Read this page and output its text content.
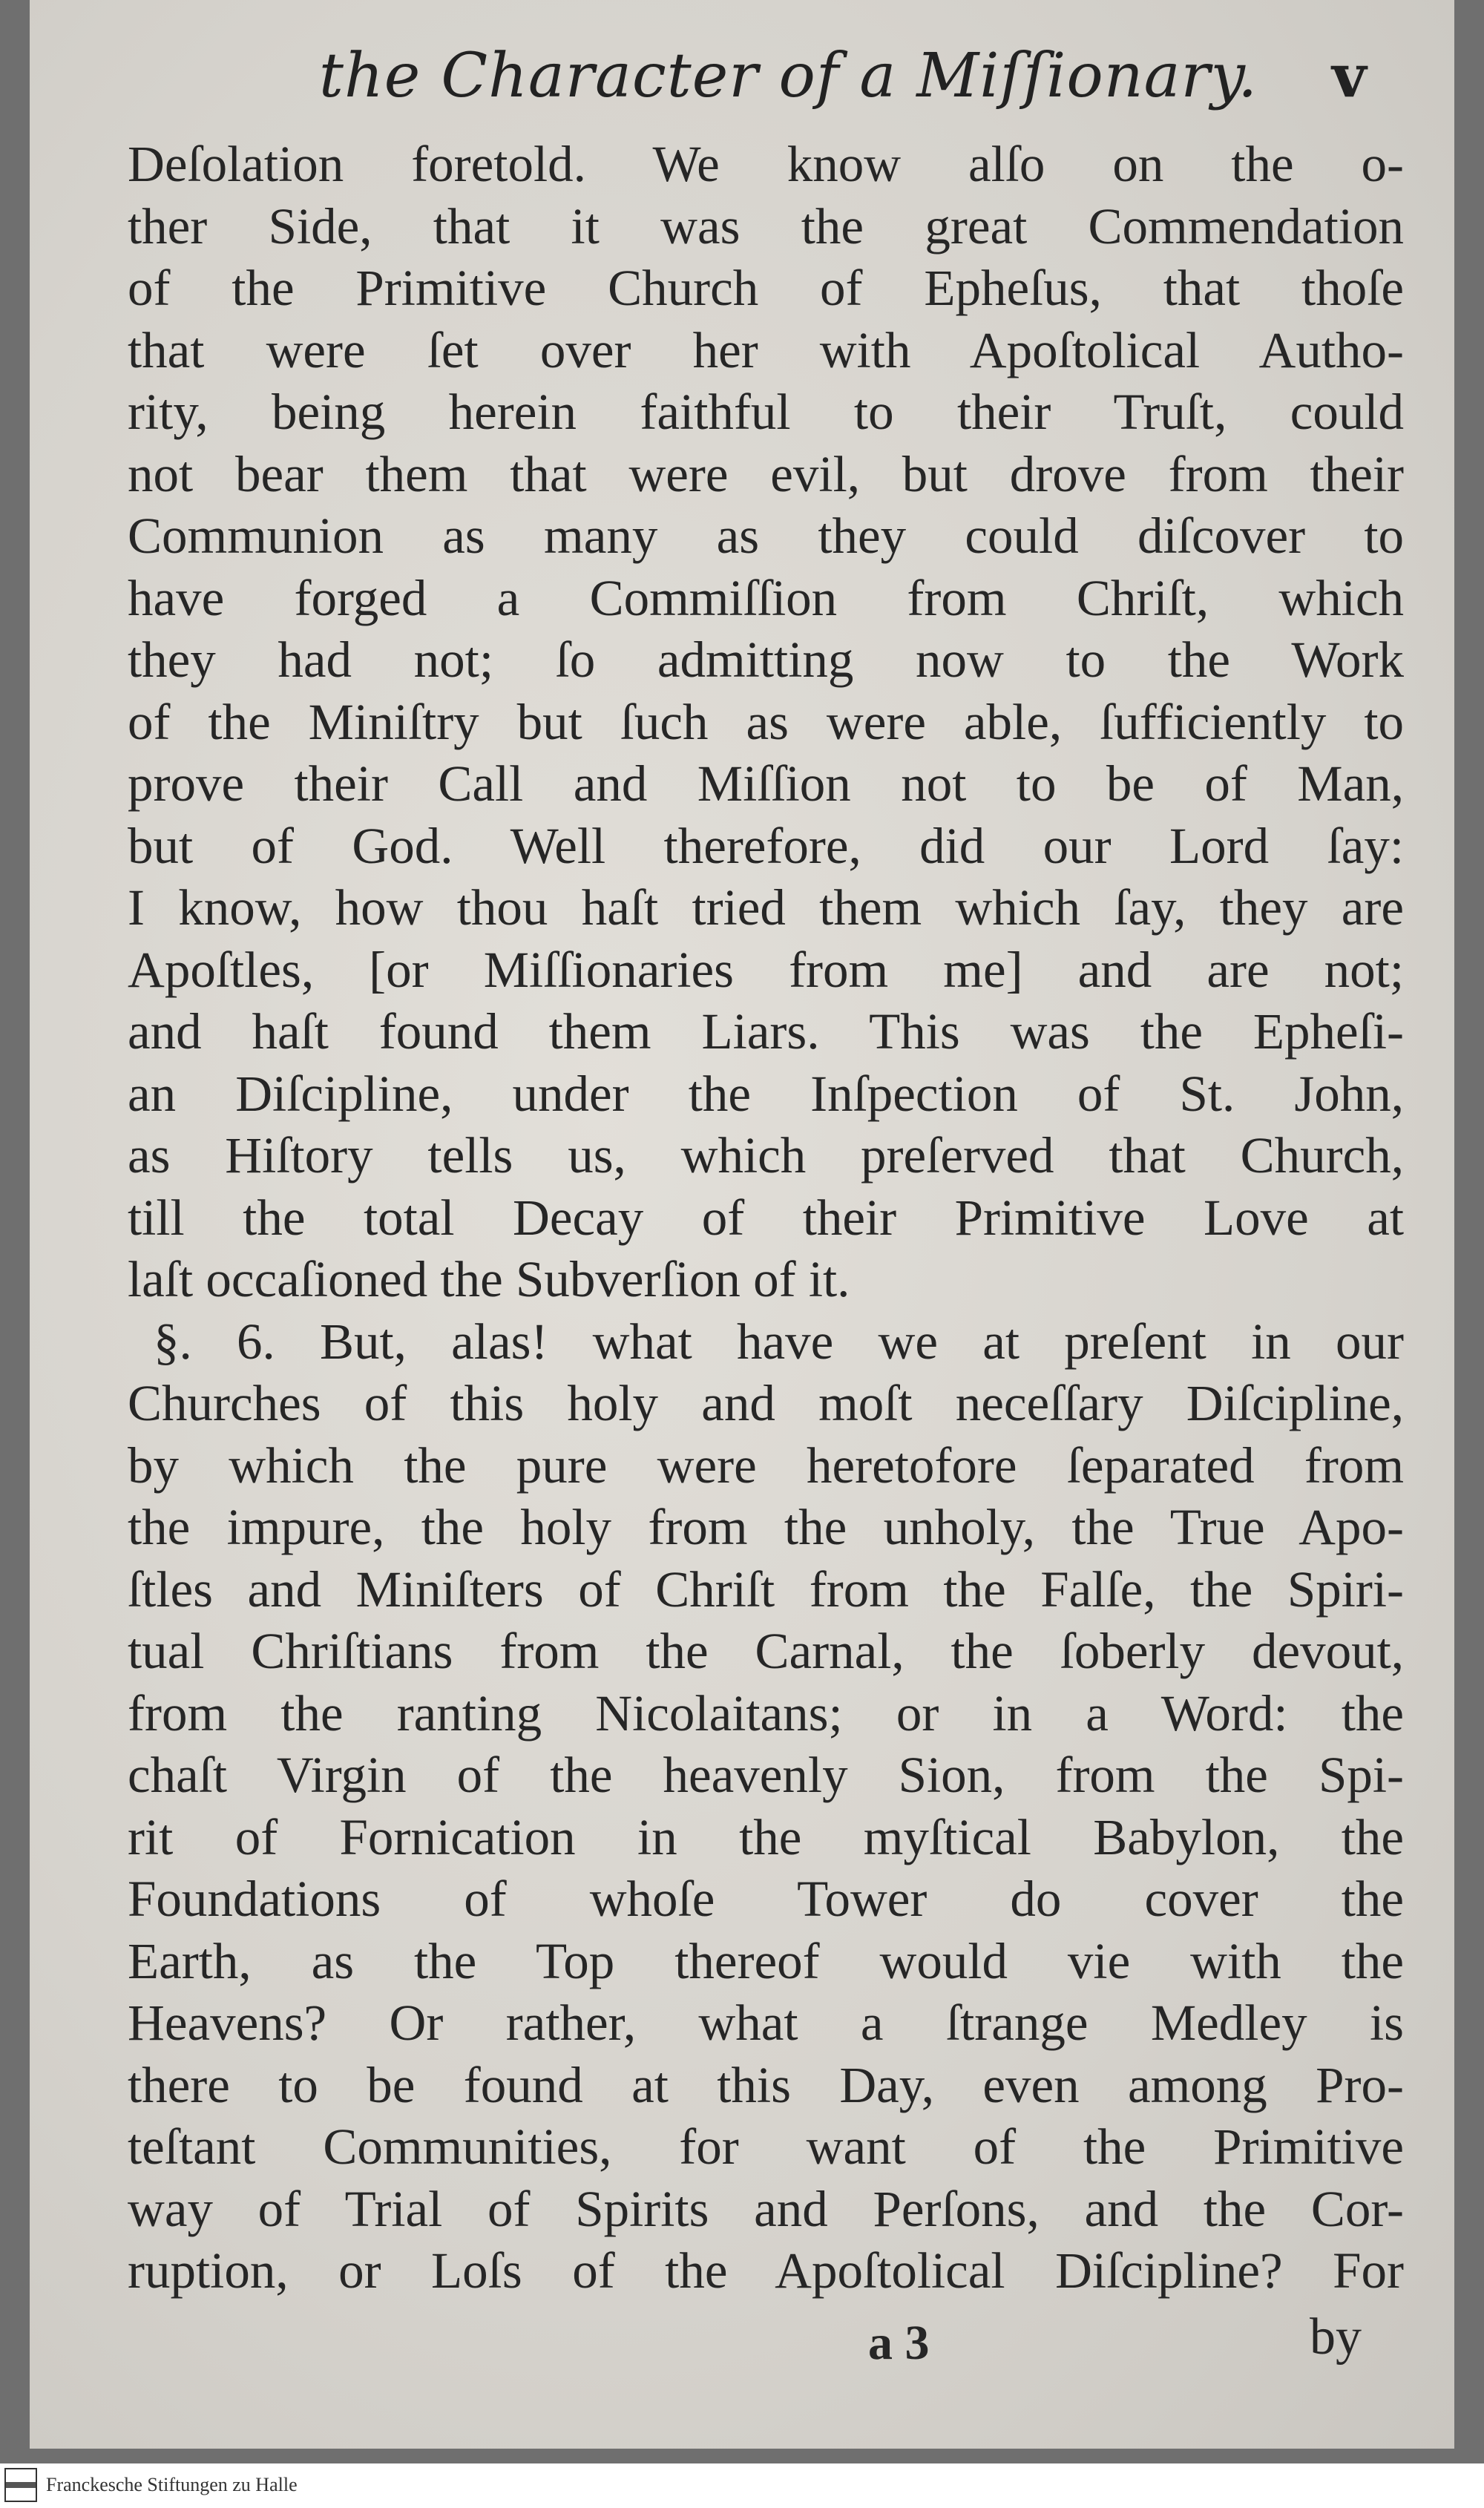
the Character of a Miſſionary. v
Deſolation foretold. We know alſo on the o-
ther Side, that it was the great Commendation
of the Primitive Church of Epheſus, that thoſe
that were ſet over her with Apoſtolical Autho-
rity, being herein faithful to their Truſt, could
not bear them that were evil, but drove from their
Communion as many as they could diſcover to
have forged a Commiſſion from Chriſt, which
they had not; ſo admitting now to the Work
of the Miniſtry but ſuch as were able, ſufficiently to
prove their Call and Miſſion not to be of Man,
but of God. Well therefore, did our Lord ſay:
I know, how thou haſt tried them which ſay, they are
Apoſtles, [or Miſſionaries from me] and are not;
and haſt found them Liars. This was the Epheſi-
an Diſcipline, under the Inſpection of St. John,
as Hiſtory tells us, which preſerved that Church,
till the total Decay of their Primitive Love at
laſt occaſioned the Subverſion of it.
§. 6. But, alas! what have we at preſent in our
Churches of this holy and moſt neceſſary Diſcipline,
by which the pure were heretofore ſeparated from
the impure, the holy from the unholy, the True Apo-
ſtles and Miniſters of Chriſt from the Falſe, the Spiri-
tual Chriſtians from the Carnal, the ſoberly devout,
from the ranting Nicolaitans; or in a Word: the
chaſt Virgin of the heavenly Sion, from the Spi-
rit of Fornication in the myſtical Babylon, the
Foundations of whoſe Tower do cover the
Earth, as the Top thereof would vie with the
Heavens? Or rather, what a ſtrange Medley is
there to be found at this Day, even among Pro-
teſtant Communities, for want of the Primitive
way of Trial of Spirits and Perſons, and the Cor-
ruption, or Loſs of the Apoſtolical Diſcipline? For
a 3	by
Franckesche Stiftungen zu Halle
